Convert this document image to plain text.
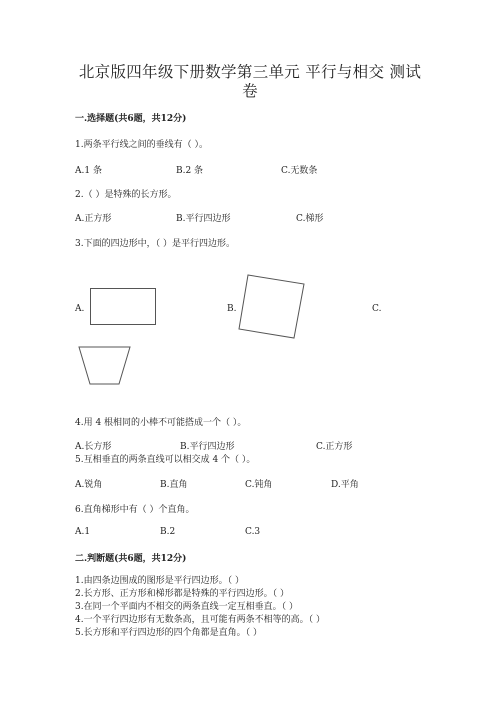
北京版四年级下册数学第三单元 平行与相交 测试
卷
一.选择题(共6题，共12分)
1.两条平行线之间的垂线有（ ）。
A.1 条	B.2 条	C.无数条
2.（ ）是特殊的长方形。
A.正方形	B.平行四边形	C.梯形
3.下面的四边形中，（ ）是平行四边形。
A.	B.	C.
4.用 4 根相同的小棒不可能搭成一个（ ）。
A.长方形	B.平行四边形	C.正方形
5.互相垂直的两条直线可以相交成 4 个（ ）。
A.锐角	B.直角	C.钝角	D.平角
6.直角梯形中有（ ）个直角。
A.1	B.2	C.3
二.判断题(共6题，共12分)
1.由四条边围成的图形是平行四边形。（ ）
2.长方形、正方形和梯形都是特殊的平行四边形。（ ）
3.在同一个平面内不相交的两条直线一定互相垂直。（ ）
4.一个平行四边形有无数条高，且可能有两条不相等的高。（ ）
5.长方形和平行四边形的四个角都是直角。（ ）
